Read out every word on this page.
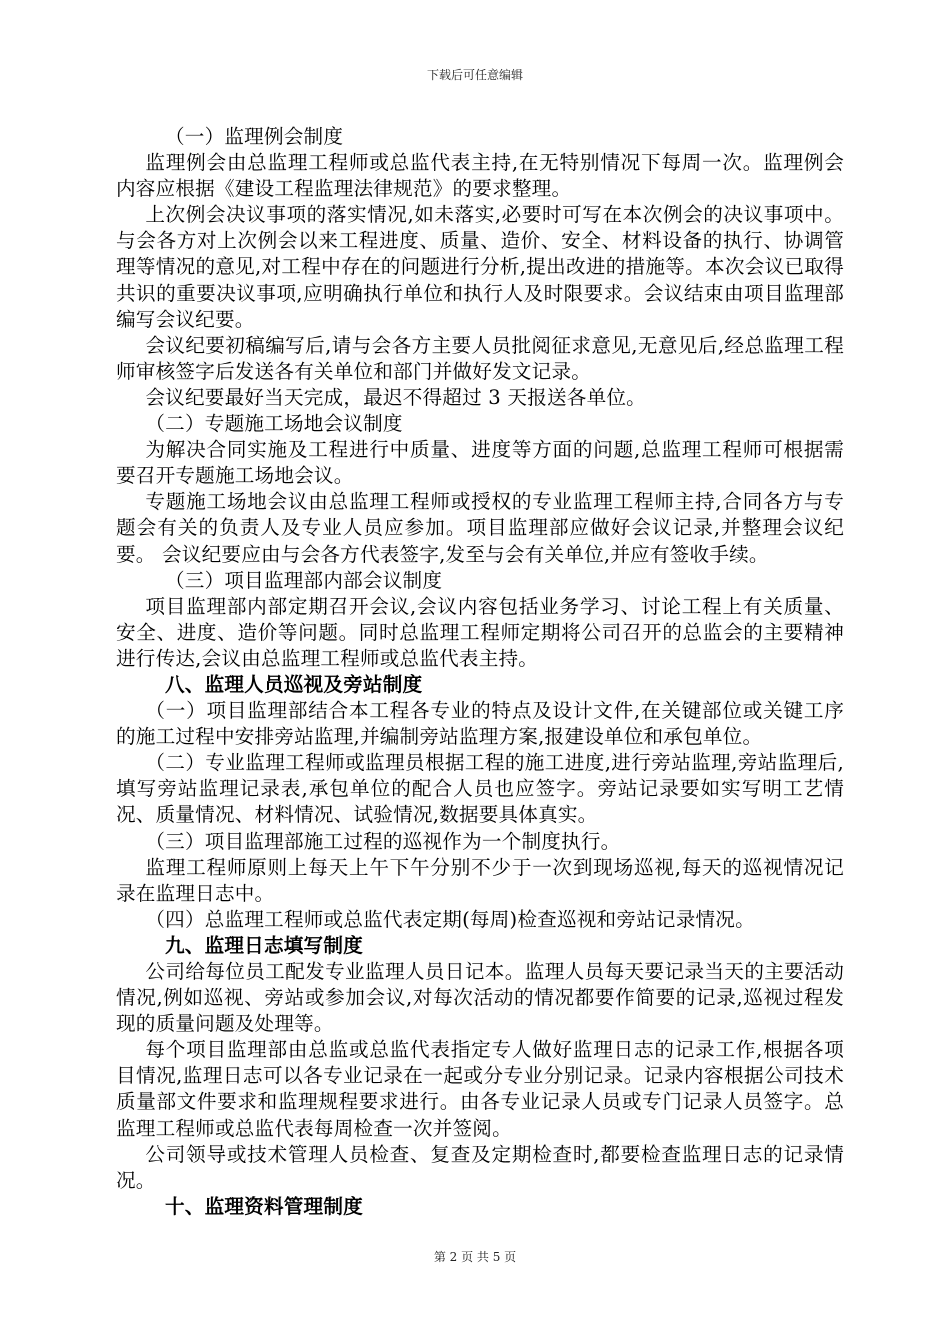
下载后可任意编辑

（一）监理例会制度

监理例会由总监理工程师或总监代表主持,在无特别情况下每周一次。监理例会内容应根据《建设工程监理法律规范》的要求整理。

上次例会决议事项的落实情况,如未落实,必要时可写在本次例会的决议事项中。 与会各方对上次例会以来工程进度、质量、造价、安全、材料设备的执行、协调管理等情况的意见,对工程中存在的问题进行分析,提出改进的措施等。本次会议已取得共识的重要决议事项,应明确执行单位和执行人及时限要求。会议结束由项目监理部编写会议纪要。

会议纪要初稿编写后,请与会各方主要人员批阅征求意见,无意见后,经总监理工程师审核签字后发送各有关单位和部门并做好发文记录。

会议纪要最好当天完成，最迟不得超过 3 天报送各单位。

（二）专题施工场地会议制度

为解决合同实施及工程进行中质量、进度等方面的问题,总监理工程师可根据需要召开专题施工场地会议。

专题施工场地会议由总监理工程师或授权的专业监理工程师主持,合同各方与专题会有关的负责人及专业人员应参加。项目监理部应做好会议记录,并整理会议纪要。 会议纪要应由与会各方代表签字,发至与会有关单位,并应有签收手续。

（三）项目监理部内部会议制度

项目监理部内部定期召开会议,会议内容包括业务学习、讨论工程上有关质量、安全、进度、造价等问题。同时总监理工程师定期将公司召开的总监会的主要精神进行传达,会议由总监理工程师或总监代表主持。

八、监理人员巡视及旁站制度

（一）项目监理部结合本工程各专业的特点及设计文件,在关键部位或关键工序的施工过程中安排旁站监理,并编制旁站监理方案,报建设单位和承包单位。

（二）专业监理工程师或监理员根据工程的施工进度,进行旁站监理,旁站监理后,填写旁站监理记录表,承包单位的配合人员也应签字。旁站记录要如实写明工艺情况、质量情况、材料情况、试验情况,数据要具体真实。

（三）项目监理部施工过程的巡视作为一个制度执行。

监理工程师原则上每天上午下午分别不少于一次到现场巡视,每天的巡视情况记录在监理日志中。

（四）总监理工程师或总监代表定期(每周)检查巡视和旁站记录情况。

九、监理日志填写制度

公司给每位员工配发专业监理人员日记本。监理人员每天要记录当天的主要活动情况,例如巡视、旁站或参加会议,对每次活动的情况都要作简要的记录,巡视过程发现的质量问题及处理等。

每个项目监理部由总监或总监代表指定专人做好监理日志的记录工作,根据各项目情况,监理日志可以各专业记录在一起或分专业分别记录。记录内容根据公司技术质量部文件要求和监理规程要求进行。由各专业记录人员或专门记录人员签字。总监理工程师或总监代表每周检查一次并签阅。

公司领导或技术管理人员检查、复查及定期检查时,都要检查监理日志的记录情况。

十、监理资料管理制度

第 2 页 共 5 页
